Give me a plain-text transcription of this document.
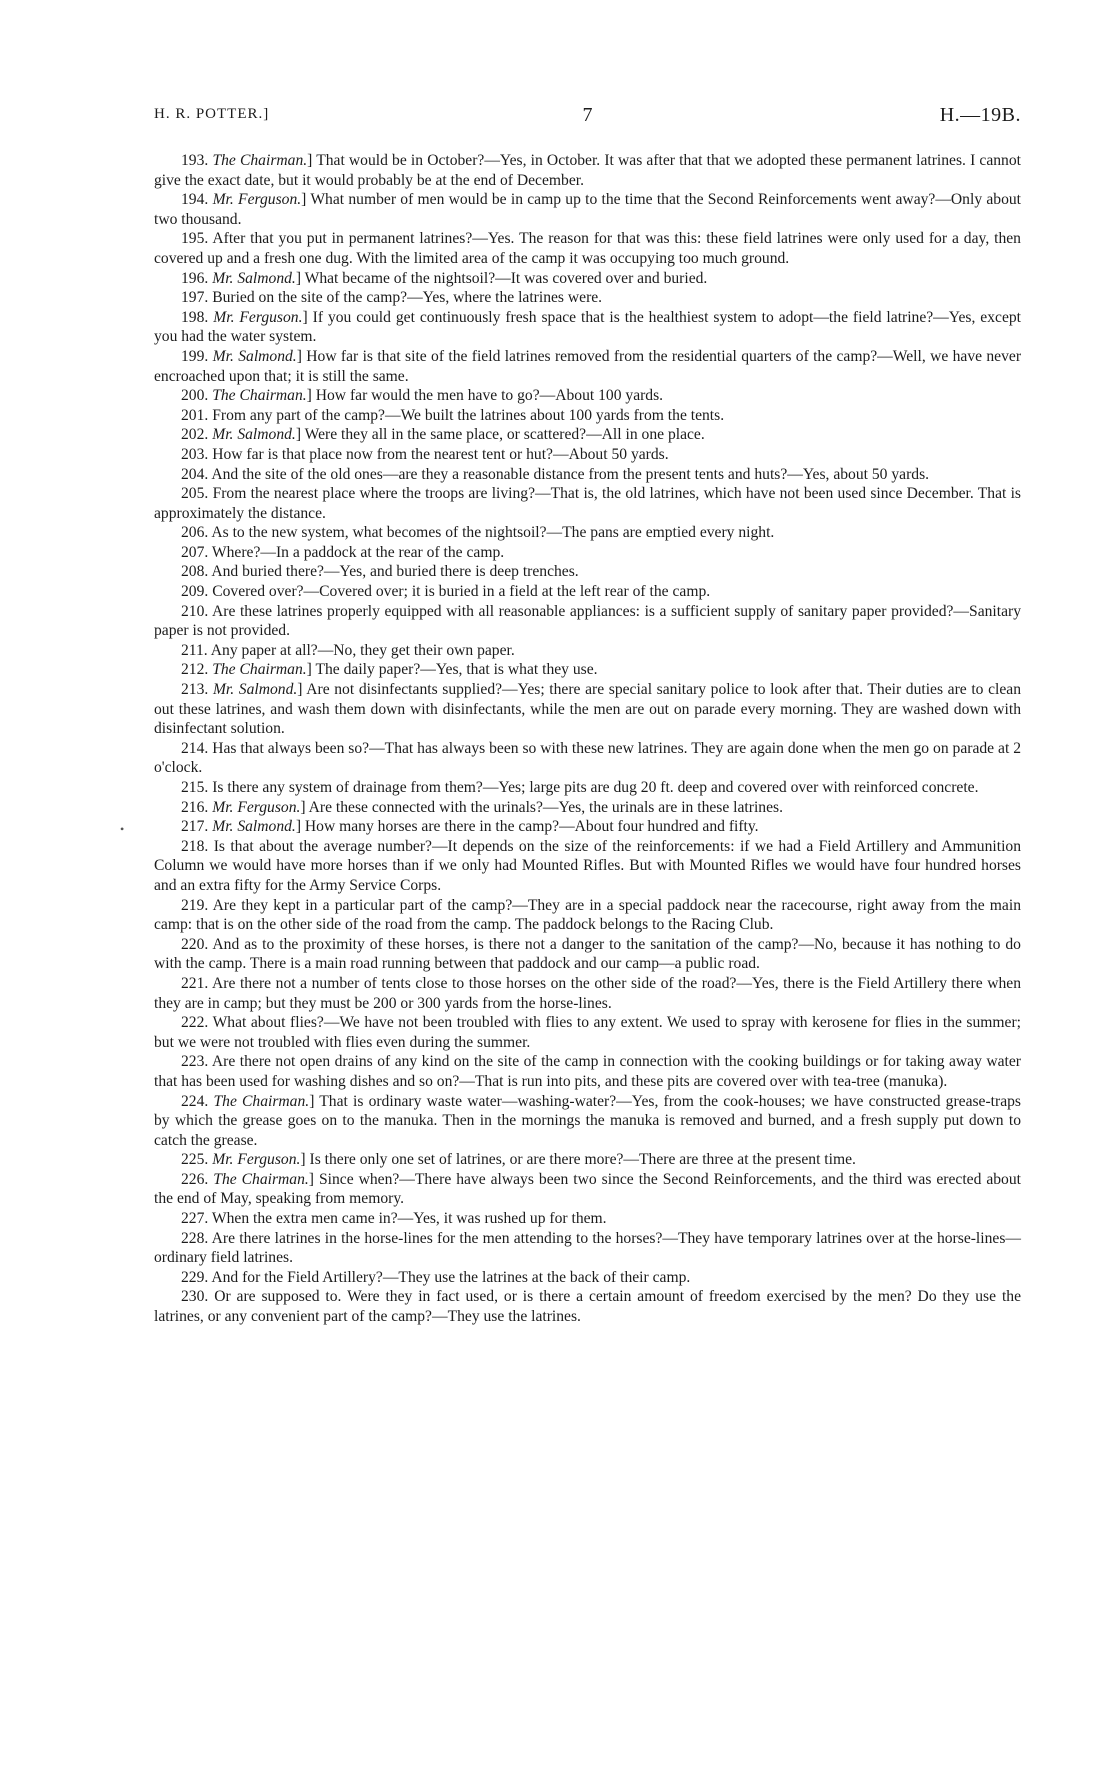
H. R. POTTER.]	7	H.—19B.
•

193. The Chairman.] That would be in October?—Yes, in October. It was after that that we adopted these permanent latrines. I cannot give the exact date, but it would probably be at the end of December.

194. Mr. Ferguson.] What number of men would be in camp up to the time that the Second Reinforcements went away?—Only about two thousand.

195. After that you put in permanent latrines?—Yes. The reason for that was this: these field latrines were only used for a day, then covered up and a fresh one dug. With the limited area of the camp it was occupying too much ground.

196. Mr. Salmond.] What became of the nightsoil?—It was covered over and buried.

197. Buried on the site of the camp?—Yes, where the latrines were.

198. Mr. Ferguson.] If you could get continuously fresh space that is the healthiest system to adopt—the field latrine?—Yes, except you had the water system.

199. Mr. Salmond.] How far is that site of the field latrines removed from the residential quarters of the camp?—Well, we have never encroached upon that; it is still the same.

200. The Chairman.] How far would the men have to go?—About 100 yards.

201. From any part of the camp?—We built the latrines about 100 yards from the tents.

202. Mr. Salmond.] Were they all in the same place, or scattered?—All in one place.

203. How far is that place now from the nearest tent or hut?—About 50 yards.

204. And the site of the old ones—are they a reasonable distance from the present tents and huts?—Yes, about 50 yards.

205. From the nearest place where the troops are living?—That is, the old latrines, which have not been used since December. That is approximately the distance.

206. As to the new system, what becomes of the nightsoil?—The pans are emptied every night.

207. Where?—In a paddock at the rear of the camp.

208. And buried there?—Yes, and buried there is deep trenches.

209. Covered over?—Covered over; it is buried in a field at the left rear of the camp.

210. Are these latrines properly equipped with all reasonable appliances: is a sufficient supply of sanitary paper provided?—Sanitary paper is not provided.

211. Any paper at all?—No, they get their own paper.

212. The Chairman.] The daily paper?—Yes, that is what they use.

213. Mr. Salmond.] Are not disinfectants supplied?—Yes; there are special sanitary police to look after that. Their duties are to clean out these latrines, and wash them down with disinfectants, while the men are out on parade every morning. They are washed down with disinfectant solution.

214. Has that always been so?—That has always been so with these new latrines. They are again done when the men go on parade at 2 o'clock.

215. Is there any system of drainage from them?—Yes; large pits are dug 20 ft. deep and covered over with reinforced concrete.

216. Mr. Ferguson.] Are these connected with the urinals?—Yes, the urinals are in these latrines.

217. Mr. Salmond.] How many horses are there in the camp?—About four hundred and fifty.

218. Is that about the average number?—It depends on the size of the reinforcements: if we had a Field Artillery and Ammunition Column we would have more horses than if we only had Mounted Rifles. But with Mounted Rifles we would have four hundred horses and an extra fifty for the Army Service Corps.

219. Are they kept in a particular part of the camp?—They are in a special paddock near the racecourse, right away from the main camp: that is on the other side of the road from the camp. The paddock belongs to the Racing Club.

220. And as to the proximity of these horses, is there not a danger to the sanitation of the camp?—No, because it has nothing to do with the camp. There is a main road running between that paddock and our camp—a public road.

221. Are there not a number of tents close to those horses on the other side of the road?—Yes, there is the Field Artillery there when they are in camp; but they must be 200 or 300 yards from the horse-lines.

222. What about flies?—We have not been troubled with flies to any extent. We used to spray with kerosene for flies in the summer; but we were not troubled with flies even during the summer.

223. Are there not open drains of any kind on the site of the camp in connection with the cooking buildings or for taking away water that has been used for washing dishes and so on?—That is run into pits, and these pits are covered over with tea-tree (manuka).

224. The Chairman.] That is ordinary waste water—washing-water?—Yes, from the cook-houses; we have constructed grease-traps by which the grease goes on to the manuka. Then in the mornings the manuka is removed and burned, and a fresh supply put down to catch the grease.

225. Mr. Ferguson.] Is there only one set of latrines, or are there more?—There are three at the present time.

226. The Chairman.] Since when?—There have always been two since the Second Reinforcements, and the third was erected about the end of May, speaking from memory.

227. When the extra men came in?—Yes, it was rushed up for them.

228. Are there latrines in the horse-lines for the men attending to the horses?—They have temporary latrines over at the horse-lines—ordinary field latrines.

229. And for the Field Artillery?—They use the latrines at the back of their camp.

230. Or are supposed to. Were they in fact used, or is there a certain amount of freedom exercised by the men? Do they use the latrines, or any convenient part of the camp?—They use the latrines.
